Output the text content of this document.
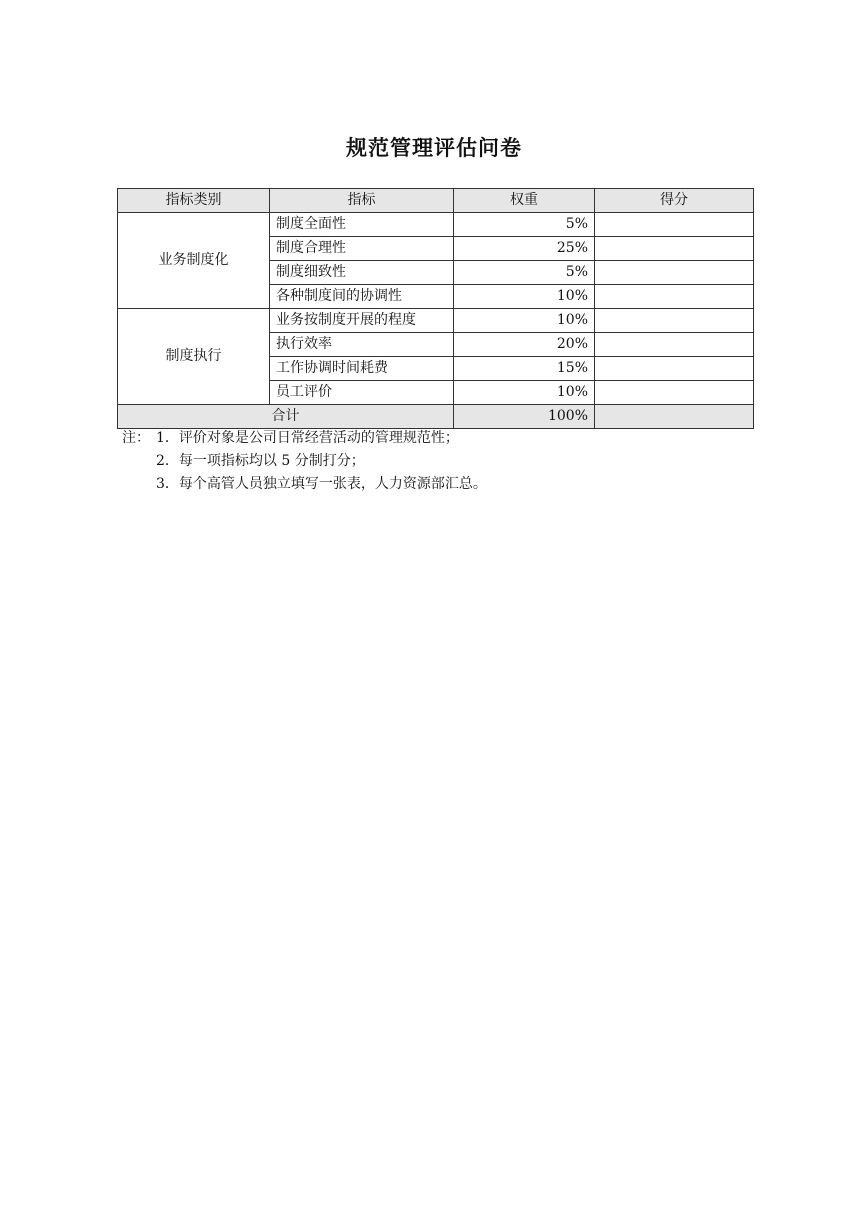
规范管理评估问卷
指标类别	指标	权重	得分
业务制度化	制度全面性	5%	
	制度合理性	25%	
	制度细致性	5%	
	各种制度间的协调性	10%	
制度执行	业务按制度开展的程度	10%	
	执行效率	20%	
	工作协调时间耗费	15%	
	员工评价	10%	
合计		100%	
注： 1．评价对象是公司日常经营活动的管理规范性；
2．每一项指标均以 5 分制打分；
3．每个高管人员独立填写一张表，人力资源部汇总。
